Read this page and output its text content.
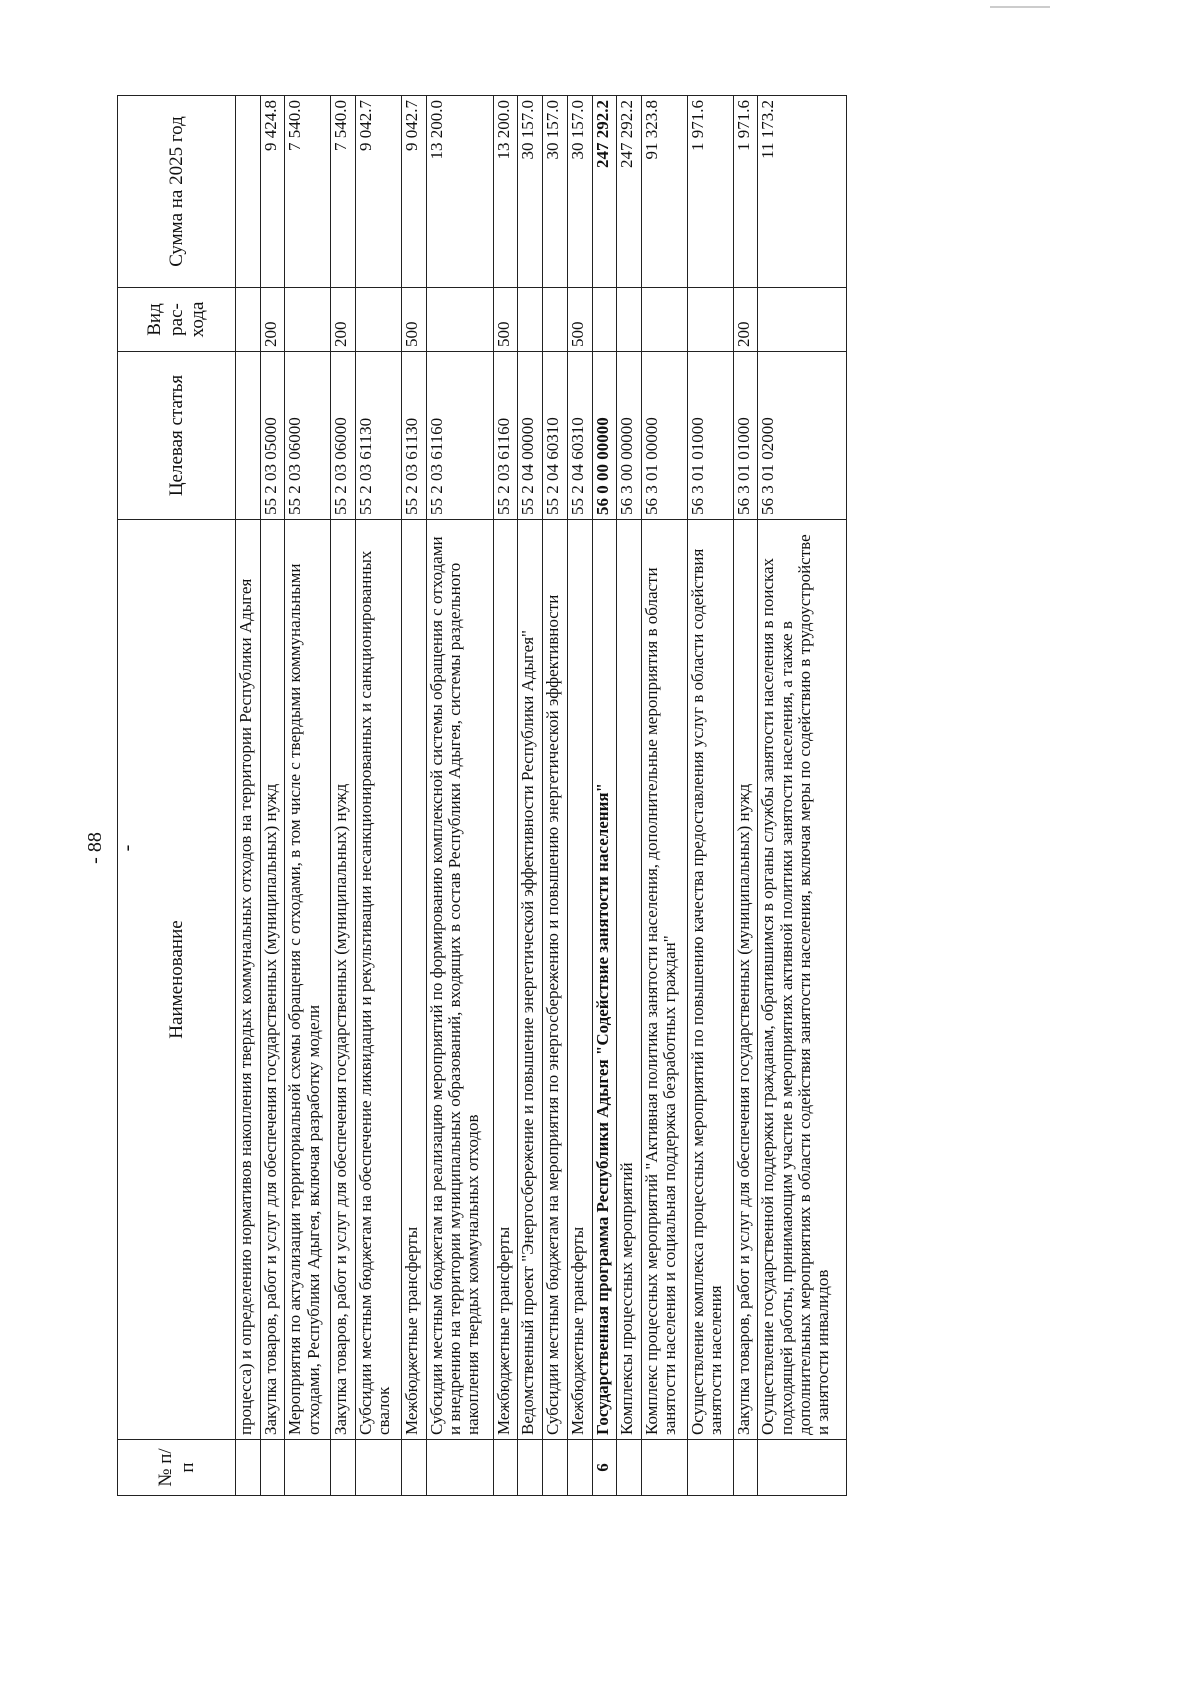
- 88 -
№ п/п	Наименование	Целевая статья	Вид рас-хода	Сумма на 2025 год
	процесса) и определению нормативов накопления твердых коммунальных отходов на территории Республики Адыгея			
	Закупка товаров, работ и услуг для обеспечения государственных (муниципальных) нужд	55 2 03 05000	200	9 424.8
	Мероприятия по актуализации территориальной схемы обращения с отходами, в том числе с твердыми коммунальными отходами, Республики Адыгея, включая разработку модели	55 2 03 06000		7 540.0
	Закупка товаров, работ и услуг для обеспечения государственных (муниципальных) нужд	55 2 03 06000	200	7 540.0
	Субсидии местным бюджетам на обеспечение ликвидации и рекультивации несанкционированных и санкционированных свалок	55 2 03 61130		9 042.7
	Межбюджетные трансферты	55 2 03 61130	500	9 042.7
	Субсидии местным бюджетам на реализацию мероприятий по формированию комплексной системы обращения с отходами и внедрению на территории муниципальных образований, входящих в состав Республики Адыгея, системы раздельного накопления твердых коммунальных отходов	55 2 03 61160		13 200.0
	Межбюджетные трансферты	55 2 03 61160	500	13 200.0
	Ведомственный проект "Энергосбережение и повышение энергетической эффективности Республики Адыгея"	55 2 04 00000		30 157.0
	Субсидии местным бюджетам на мероприятия по энергосбережению и повышению энергетической эффективности	55 2 04 60310		30 157.0
	Межбюджетные трансферты	55 2 04 60310	500	30 157.0
6	Государственная программа Республики Адыгея "Содействие занятости населения"	56 0 00 00000		247 292.2
	Комплексы процессных мероприятий	56 3 00 00000		247 292.2
	Комплекс процессных мероприятий "Активная политика занятости населения, дополнительные мероприятия в области занятости населения и социальная поддержка безработных граждан"	56 3 01 00000		91 323.8
	Осуществление комплекса процессных мероприятий по повышению качества предоставления услуг в области содействия занятости населения	56 3 01 01000		1 971.6
	Закупка товаров, работ и услуг для обеспечения государственных (муниципальных) нужд	56 3 01 01000	200	1 971.6
	Осуществление государственной поддержки гражданам, обратившимся в органы службы занятости населения в поисках подходящей работы, принимающим участие в мероприятиях активной политики занятости населения, а также в дополнительных мероприятиях в области содействия занятости населения, включая меры по содействию в трудоустройстве и занятости инвалидов	56 3 01 02000		11 173.2
